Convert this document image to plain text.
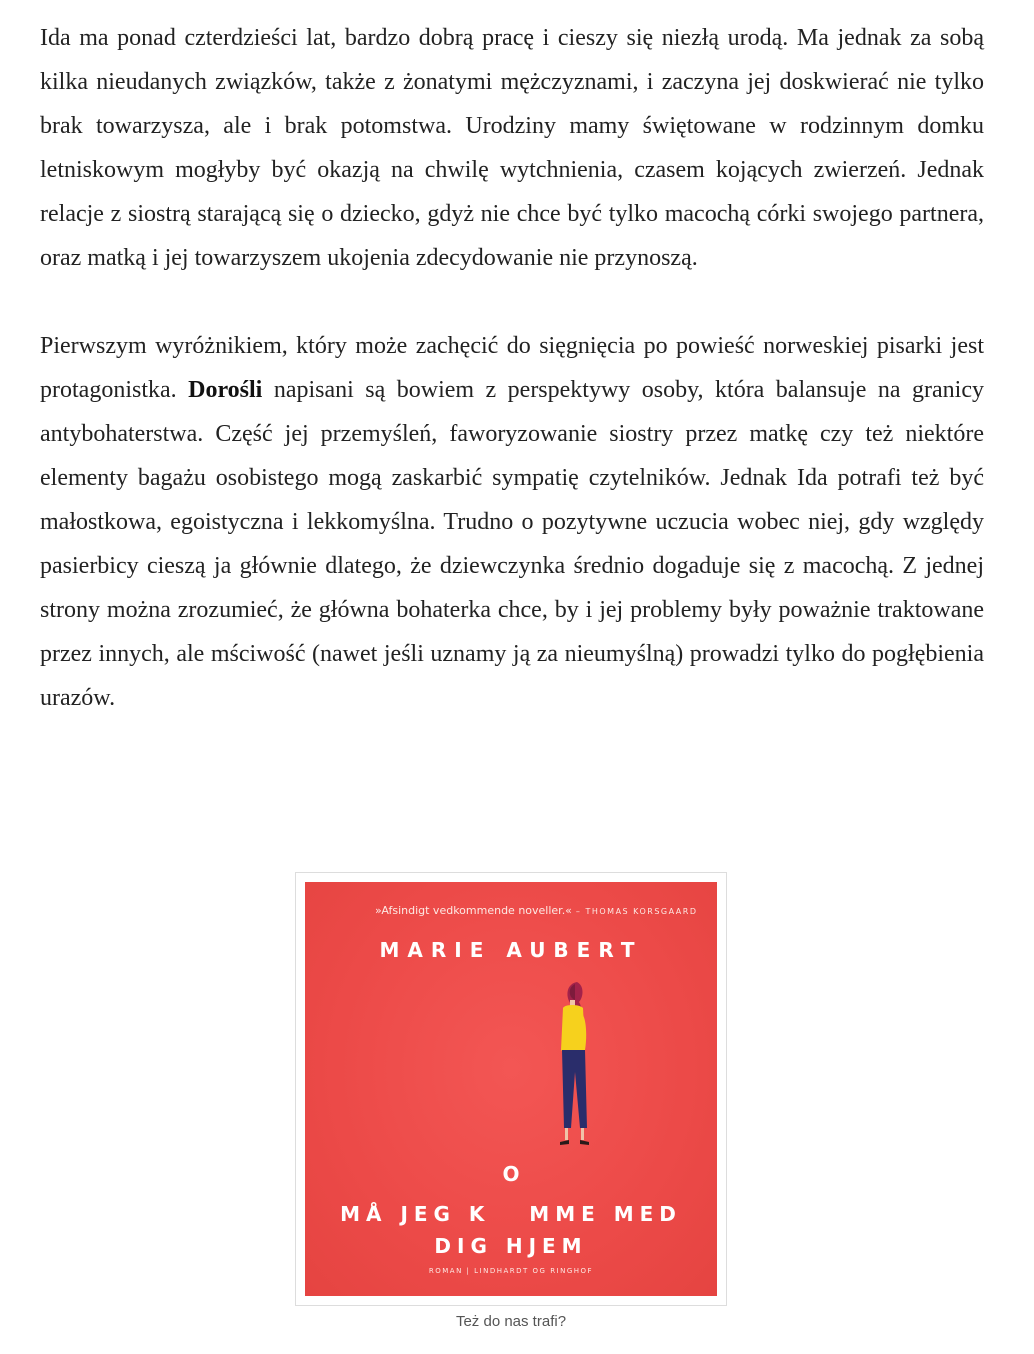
Ida ma ponad czterdzieści lat, bardzo dobrą pracę i cieszy się niezłą urodą. Ma jednak za sobą kilka nieudanych związków, także z żonatymi mężczyznami, i zaczyna jej doskwierać nie tylko brak towarzysza, ale i brak potomstwa. Urodziny mamy świętowane w rodzinnym domku letniskowym mogłyby być okazją na chwilę wytchnienia, czasem kojących zwierzeń. Jednak relacje z siostrą starającą się o dziecko, gdyż nie chce być tylko macochą córki swojego partnera, oraz matką i jej towarzyszem ukojenia zdecydowanie nie przynoszą.

Pierwszym wyróżnikiem, który może zachęcić do sięgnięcia po powieść norweskiej pisarki jest protagonistka. Dorośli napisani są bowiem z perspektywy osoby, która balansuje na granicy antybohaterstwa. Część jej przemyśleń, faworyzowanie siostry przez matkę czy też niektóre elementy bagażu osobistego mogą zaskarbić sympatię czytelników. Jednak Ida potrafi też być małostkowa, egoistyczna i lekkomyślna. Trudno o pozytywne uczucia wobec niej, gdy względy pasierbicy cieszą ja głównie dlatego, że dziewczynka średnio dogaduje się z macochą. Z jednej strony można zrozumieć, że główna bohaterka chce, by i jej problemy były poważnie traktowane przez innych, ale mściwość (nawet jeśli uznamy ją za nieumyślną) prowadzi tylko do pogłębienia urazów.

»Afsindigt vedkommende noveller.« – THOMAS KORSGAARD
MARIE AUBERT
O
MÅ JEG K   MME MED
DIG HJEM
ROMAN | LINDHARDT OG RINGHOF
Też do nas trafi?
